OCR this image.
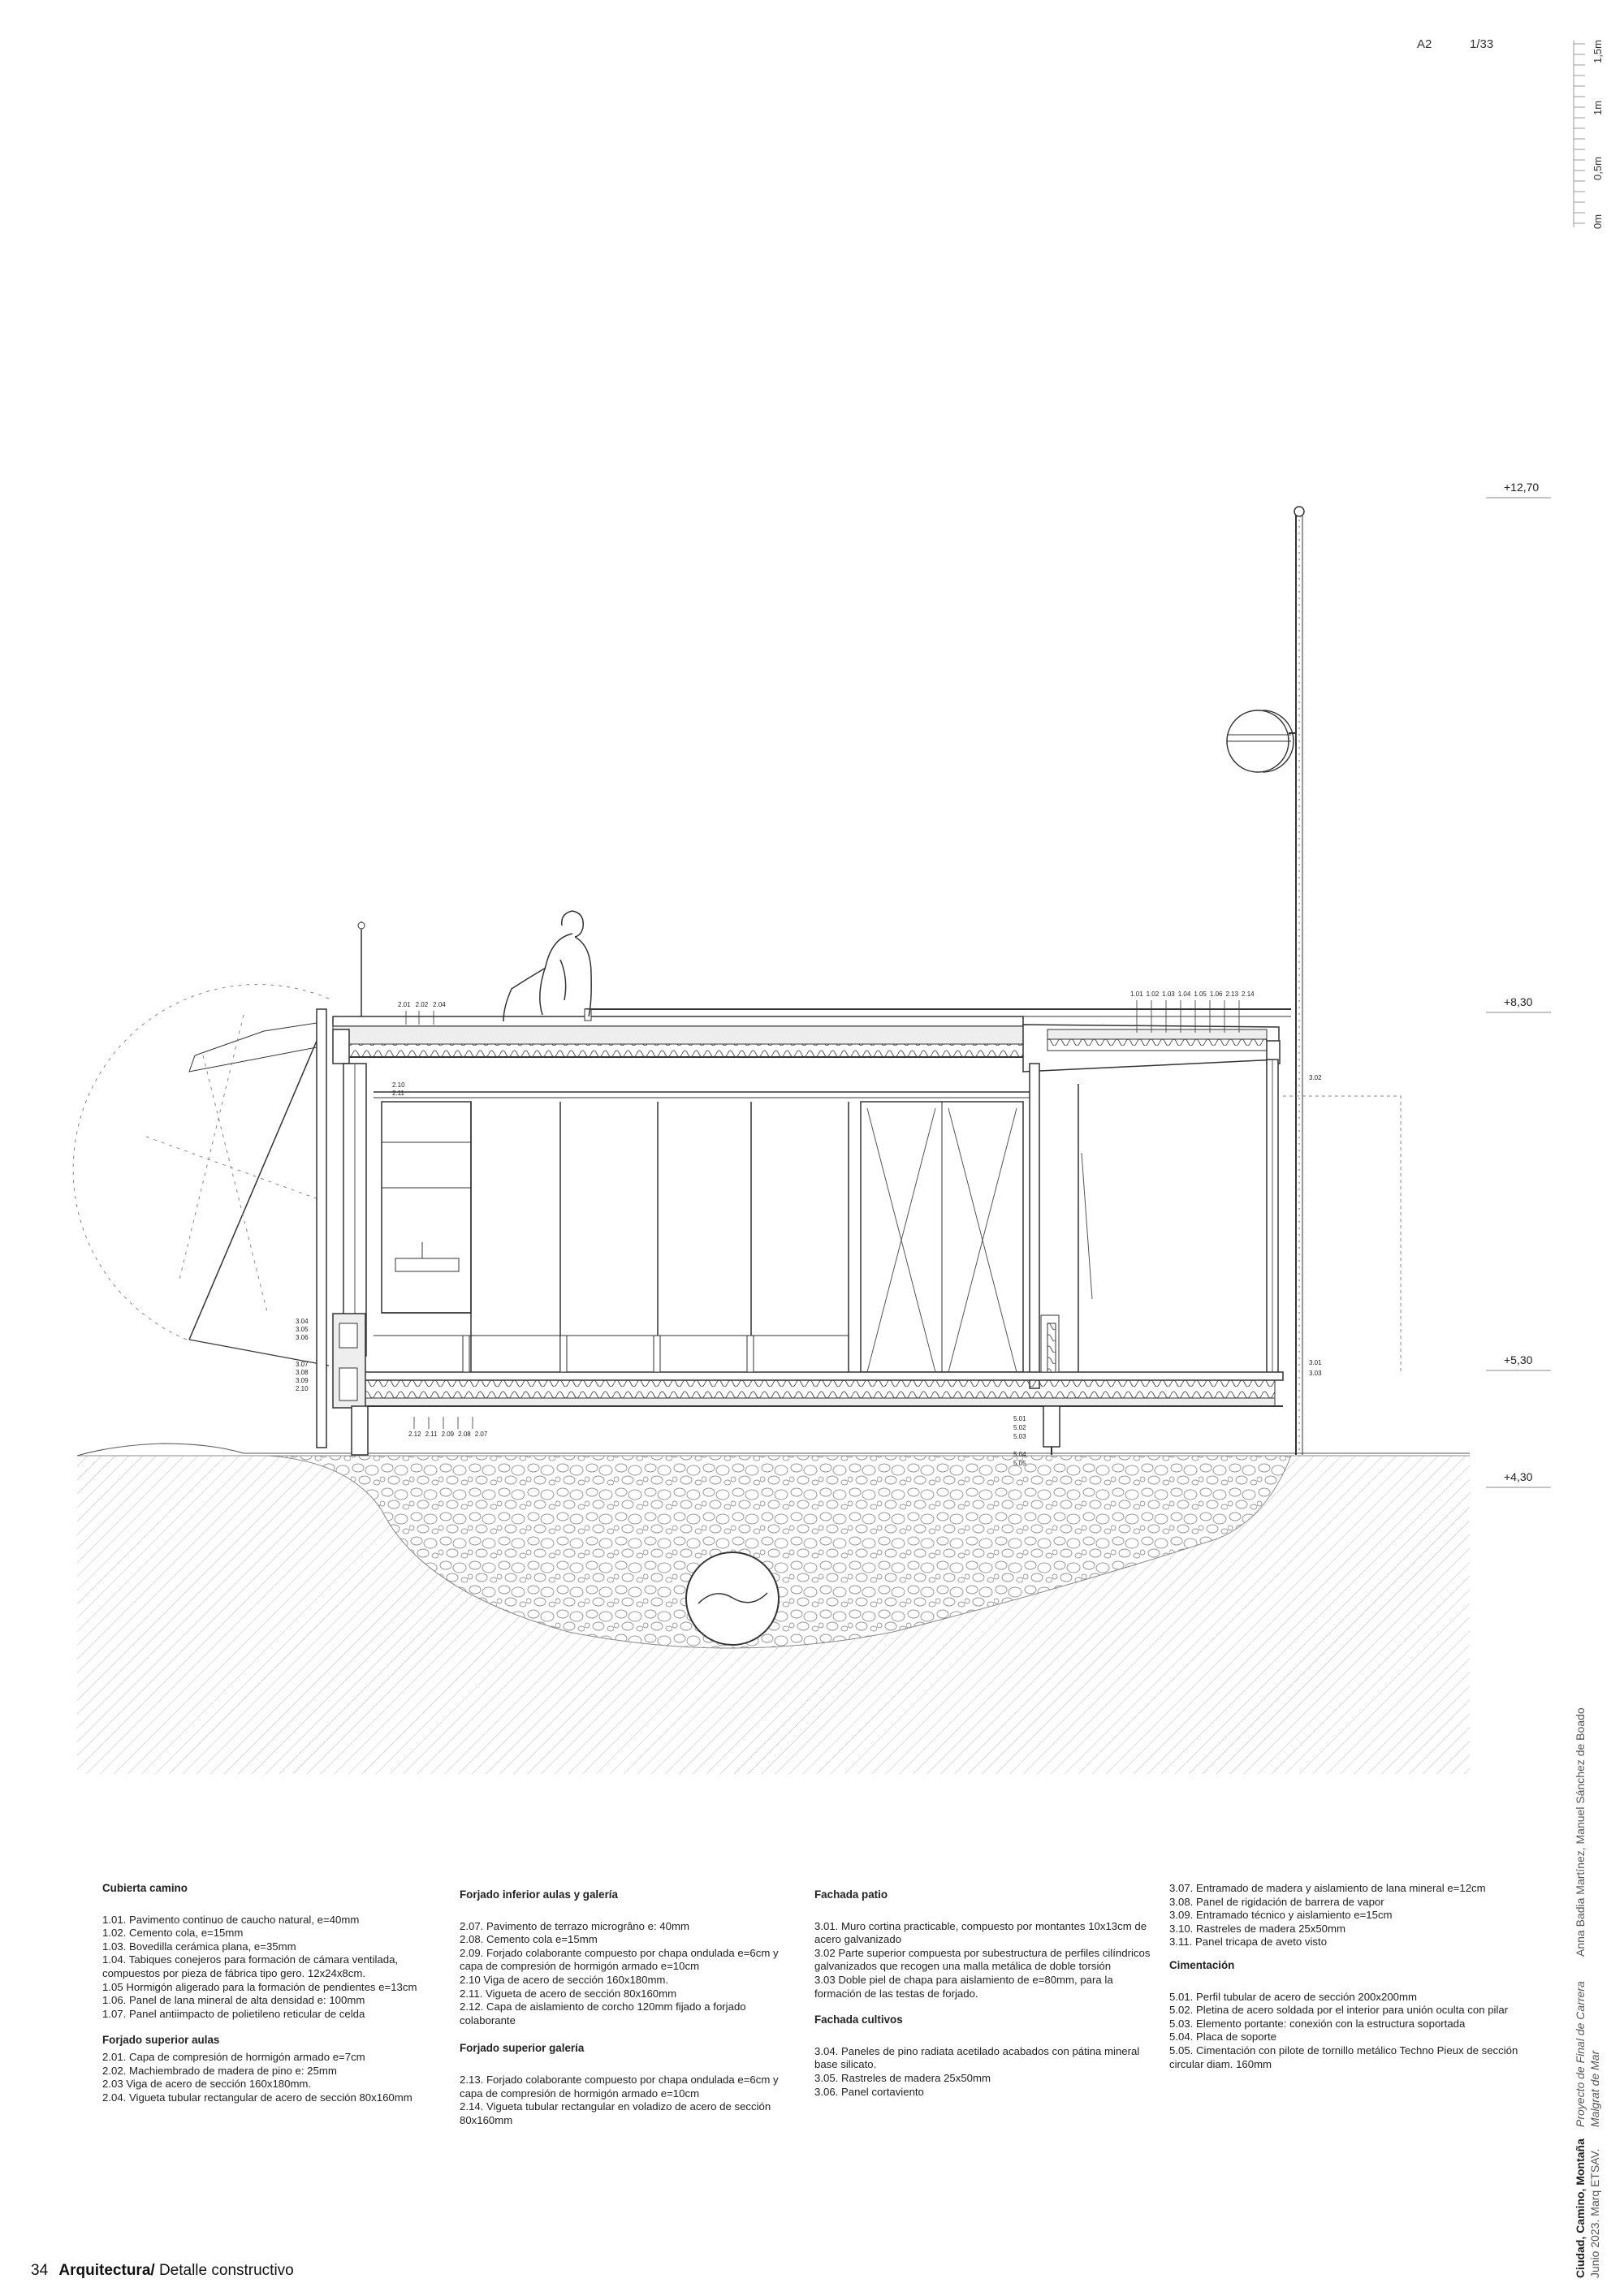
A2	1/33
0m
0,5m
1m
1,5m
+12,70
+8,30
+5,30
+4,30
2.01 2.02 2.04
1.01 1.02 1.03 1.04 1.05 1.06 2.13 2.14
2.10
2.11
3.04
3.05
3.06
3.07
3.08
3.09
2.10
2.12 2.11 2.09 2.08 2.07
5.01
5.02
5.03
5.04
5.05
3.02
3.01
3.03
Cubierta camino

1.01. Pavimento continuo de caucho natural, e=40mm

1.02. Cemento cola, e=15mm

1.03. Bovedilla cerámica plana, e=35mm

1.04. Tabiques conejeros para formación de cámara ventilada, compuestos por pieza de fábrica tipo gero. 12x24x8cm.

1.05 Hormigón aligerado para la formación de pendientes e=13cm

1.06. Panel de lana mineral de alta densidad e: 100mm

1.07. Panel antiimpacto de polietileno reticular de celda

Forjado superior aulas

2.01. Capa de compresión de hormigón armado e=7cm

2.02. Machiembrado de madera de pino e: 25mm

2.03 Viga de acero de sección 160x180mm.

2.04. Vigueta tubular rectangular de acero de sección 80x160mm

Forjado inferior aulas y galería

2.07. Pavimento de terrazo microgrâno e: 40mm

2.08. Cemento cola e=15mm

2.09. Forjado colaborante compuesto por chapa ondulada e=6cm y capa de compresión de hormigón armado e=10cm

2.10 Viga de acero de sección 160x180mm.

2.11. Vigueta de acero de sección 80x160mm

2.12. Capa de aislamiento de corcho 120mm fijado a forjado colaborante

Forjado superior galería

2.13. Forjado colaborante compuesto por chapa ondulada e=6cm y capa de compresión de hormigón armado e=10cm

2.14. Vigueta tubular rectangular en voladizo de acero de sección 80x160mm

Fachada patio

3.01. Muro cortina practicable, compuesto por montantes 10x13cm de acero galvanizado

3.02 Parte superior compuesta por subestructura de perfiles cilíndricos galvanizados que recogen una malla metálica de doble torsión

3.03 Doble piel de chapa para aislamiento de e=80mm, para la formación de las testas de forjado.

Fachada cultivos

3.04. Paneles de pino radiata acetilado acabados con pátina mineral base silicato.

3.05. Rastreles de madera 25x50mm

3.06. Panel cortaviento

3.07. Entramado de madera y aislamiento de lana mineral e=12cm

3.08. Panel de rigidación de barrera de vapor

3.09. Entramado técnico y aislamiento e=15cm

3.10. Rastreles de madera 25x50mm

3.11. Panel tricapa de aveto visto

Cimentación

5.01. Perfil tubular de acero de sección 200x200mm

5.02. Pletina de acero soldada por el interior para unión oculta con pilar

5.03. Elemento portante: conexión con la estructura soportada

5.04. Placa de soporte

5.05. Cimentación con pilote de tornillo metálico Techno Pieux de sección circular diam. 160mm

Anna Badia Martínez, Manuel Sánchez de Boado
Proyecto de Final de Carrera Malgrat de Mar
Ciudad, Camino, Montaña Junio 2023. Marq ETSAV.
34 Arquitectura/ Detalle constructivo
